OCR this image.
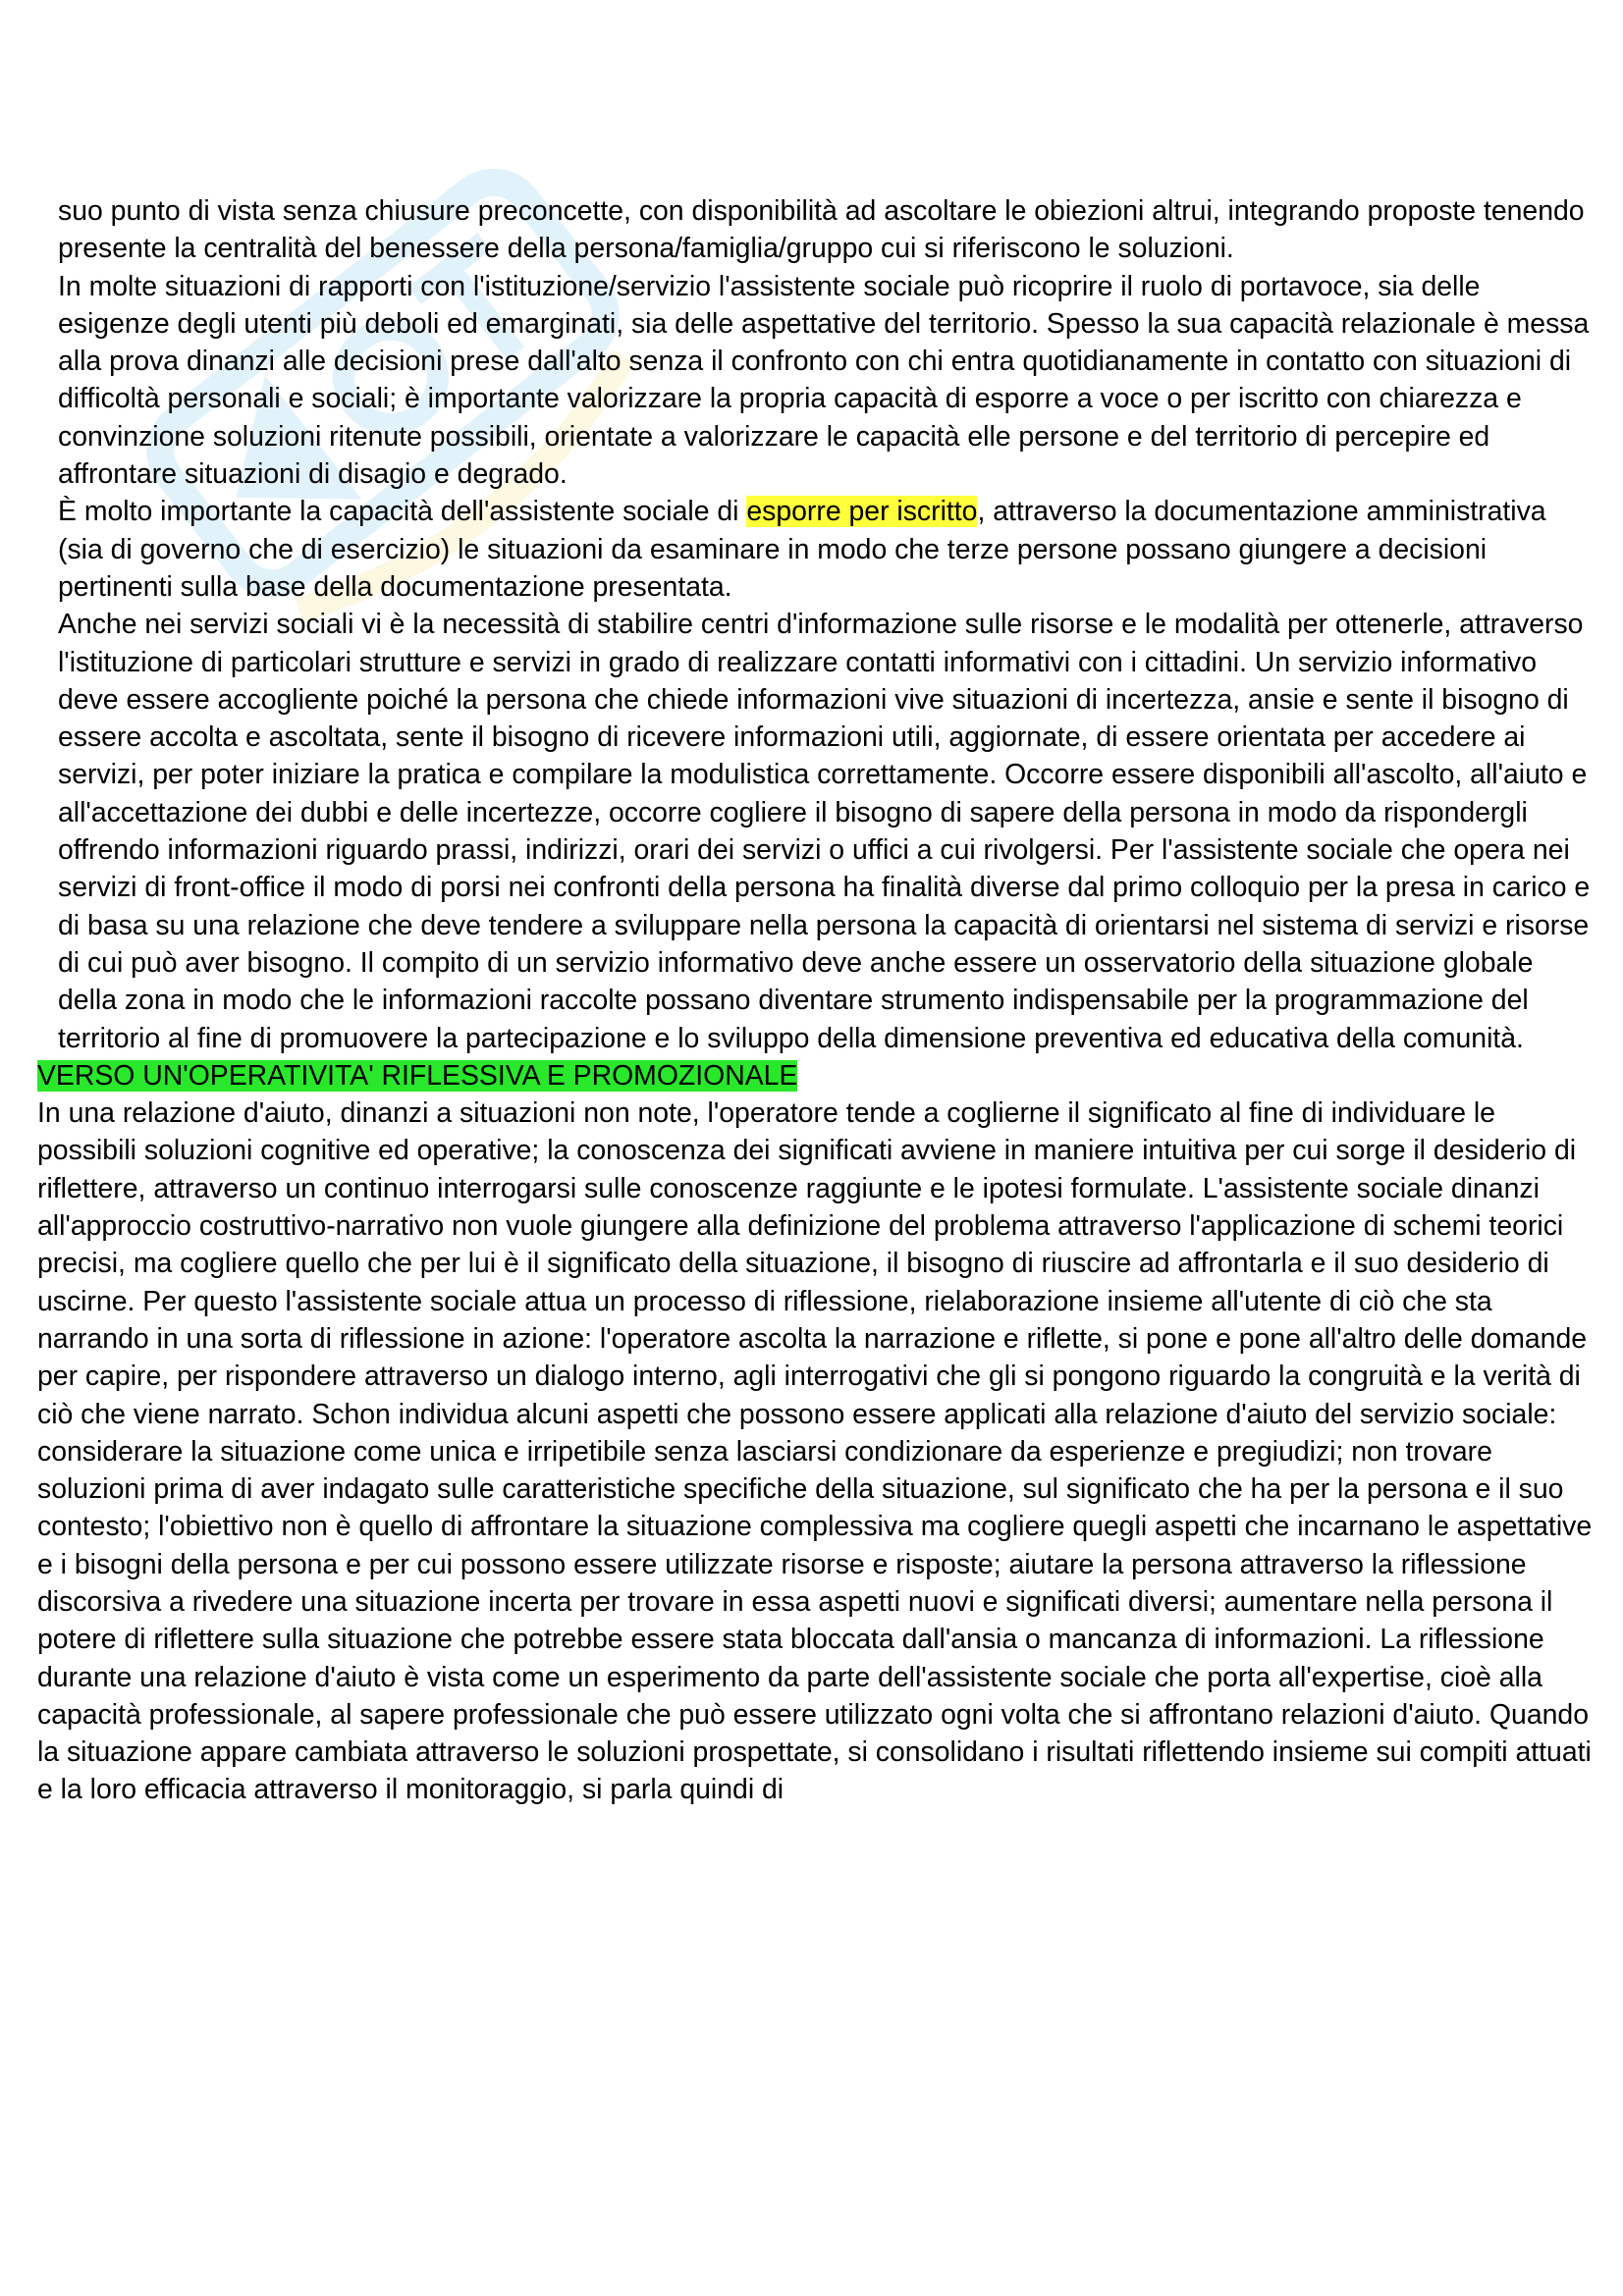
suo punto di vista senza chiusure preconcette, con disponibilità ad ascoltare le obiezioni altrui, integrando proposte tenendo presente la centralità del benessere della persona/famiglia/gruppo cui si riferiscono le soluzioni.

In molte situazioni di rapporti con l'istituzione/servizio l'assistente sociale può ricoprire il ruolo di portavoce, sia delle esigenze degli utenti più deboli ed emarginati, sia delle aspettative del territorio. Spesso la sua capacità relazionale è messa alla prova dinanzi alle decisioni prese dall'alto senza il confronto con chi entra quotidianamente in contatto con situazioni di difficoltà personali e sociali; è importante valorizzare la propria capacità di esporre a voce o per iscritto con chiarezza e convinzione soluzioni ritenute possibili, orientate a valorizzare le capacità elle persone e del territorio di percepire ed affrontare situazioni di disagio e degrado.

È molto importante la capacità dell'assistente sociale di esporre per iscritto, attraverso la documentazione amministrativa (sia di governo che di esercizio) le situazioni da esaminare in modo che terze persone possano giungere a decisioni pertinenti sulla base della documentazione presentata.

Anche nei servizi sociali vi è la necessità di stabilire centri d'informazione sulle risorse e le modalità per ottenerle, attraverso l'istituzione di particolari strutture e servizi in grado di realizzare contatti informativi con i cittadini. Un servizio informativo deve essere accogliente poiché la persona che chiede informazioni vive situazioni di incertezza, ansie e sente il bisogno di essere accolta e ascoltata, sente il bisogno di ricevere informazioni utili, aggiornate, di essere orientata per accedere ai servizi, per poter iniziare la pratica e compilare la modulistica correttamente. Occorre essere disponibili all'ascolto, all'aiuto e all'accettazione dei dubbi e delle incertezze, occorre cogliere il bisogno di sapere della persona in modo da rispondergli offrendo informazioni riguardo prassi, indirizzi, orari dei servizi o uffici a cui rivolgersi. Per l'assistente sociale che opera nei servizi di front-office il modo di porsi nei confronti della persona ha finalità diverse dal primo colloquio per la presa in carico e di basa su una relazione che deve tendere a sviluppare nella persona la capacità di orientarsi nel sistema di servizi e risorse di cui può aver bisogno. Il compito di un servizio informativo deve anche essere un osservatorio della situazione globale della zona in modo che le informazioni raccolte possano diventare strumento indispensabile per la programmazione del territorio al fine di promuovere la partecipazione e lo sviluppo della dimensione preventiva ed educativa della comunità.

VERSO UN'OPERATIVITA' RIFLESSIVA E PROMOZIONALE

In una relazione d'aiuto, dinanzi a situazioni non note, l'operatore tende a coglierne il significato al fine di individuare le possibili soluzioni cognitive ed operative; la conoscenza dei significati avviene in maniere intuitiva per cui sorge il desiderio di riflettere, attraverso un continuo interrogarsi sulle conoscenze raggiunte e le ipotesi formulate. L'assistente sociale dinanzi all'approccio costruttivo-narrativo non vuole giungere alla definizione del problema attraverso l'applicazione di schemi teorici precisi, ma cogliere quello che per lui è il significato della situazione, il bisogno di riuscire ad affrontarla e il suo desiderio di uscirne. Per questo l'assistente sociale attua un processo di riflessione, rielaborazione insieme all'utente di ciò che sta narrando in una sorta di riflessione in azione: l'operatore ascolta la narrazione e riflette, si pone e pone all'altro delle domande per capire, per rispondere attraverso un dialogo interno, agli interrogativi che gli si pongono riguardo la congruità e la verità di ciò che viene narrato. Schon individua alcuni aspetti che possono essere applicati alla relazione d'aiuto del servizio sociale: considerare la situazione come unica e irripetibile senza lasciarsi condizionare da esperienze e pregiudizi; non trovare soluzioni prima di aver indagato sulle caratteristiche specifiche della situazione, sul significato che ha per la persona e il suo contesto; l'obiettivo non è quello di affrontare la situazione complessiva ma cogliere quegli aspetti che incarnano le aspettative e i bisogni della persona e per cui possono essere utilizzate risorse e risposte; aiutare la persona attraverso la riflessione discorsiva a rivedere una situazione incerta per trovare in essa aspetti nuovi e significati diversi; aumentare nella persona il potere di riflettere sulla situazione che potrebbe essere stata bloccata dall'ansia o mancanza di informazioni. La riflessione durante una relazione d'aiuto è vista come un esperimento da parte dell'assistente sociale che porta all'expertise, cioè alla capacità professionale, al sapere professionale che può essere utilizzato ogni volta che si affrontano relazioni d'aiuto. Quando la situazione appare cambiata attraverso le soluzioni prospettate, si consolidano i risultati riflettendo insieme sui compiti attuati e la loro efficacia attraverso il monitoraggio, si parla quindi di
